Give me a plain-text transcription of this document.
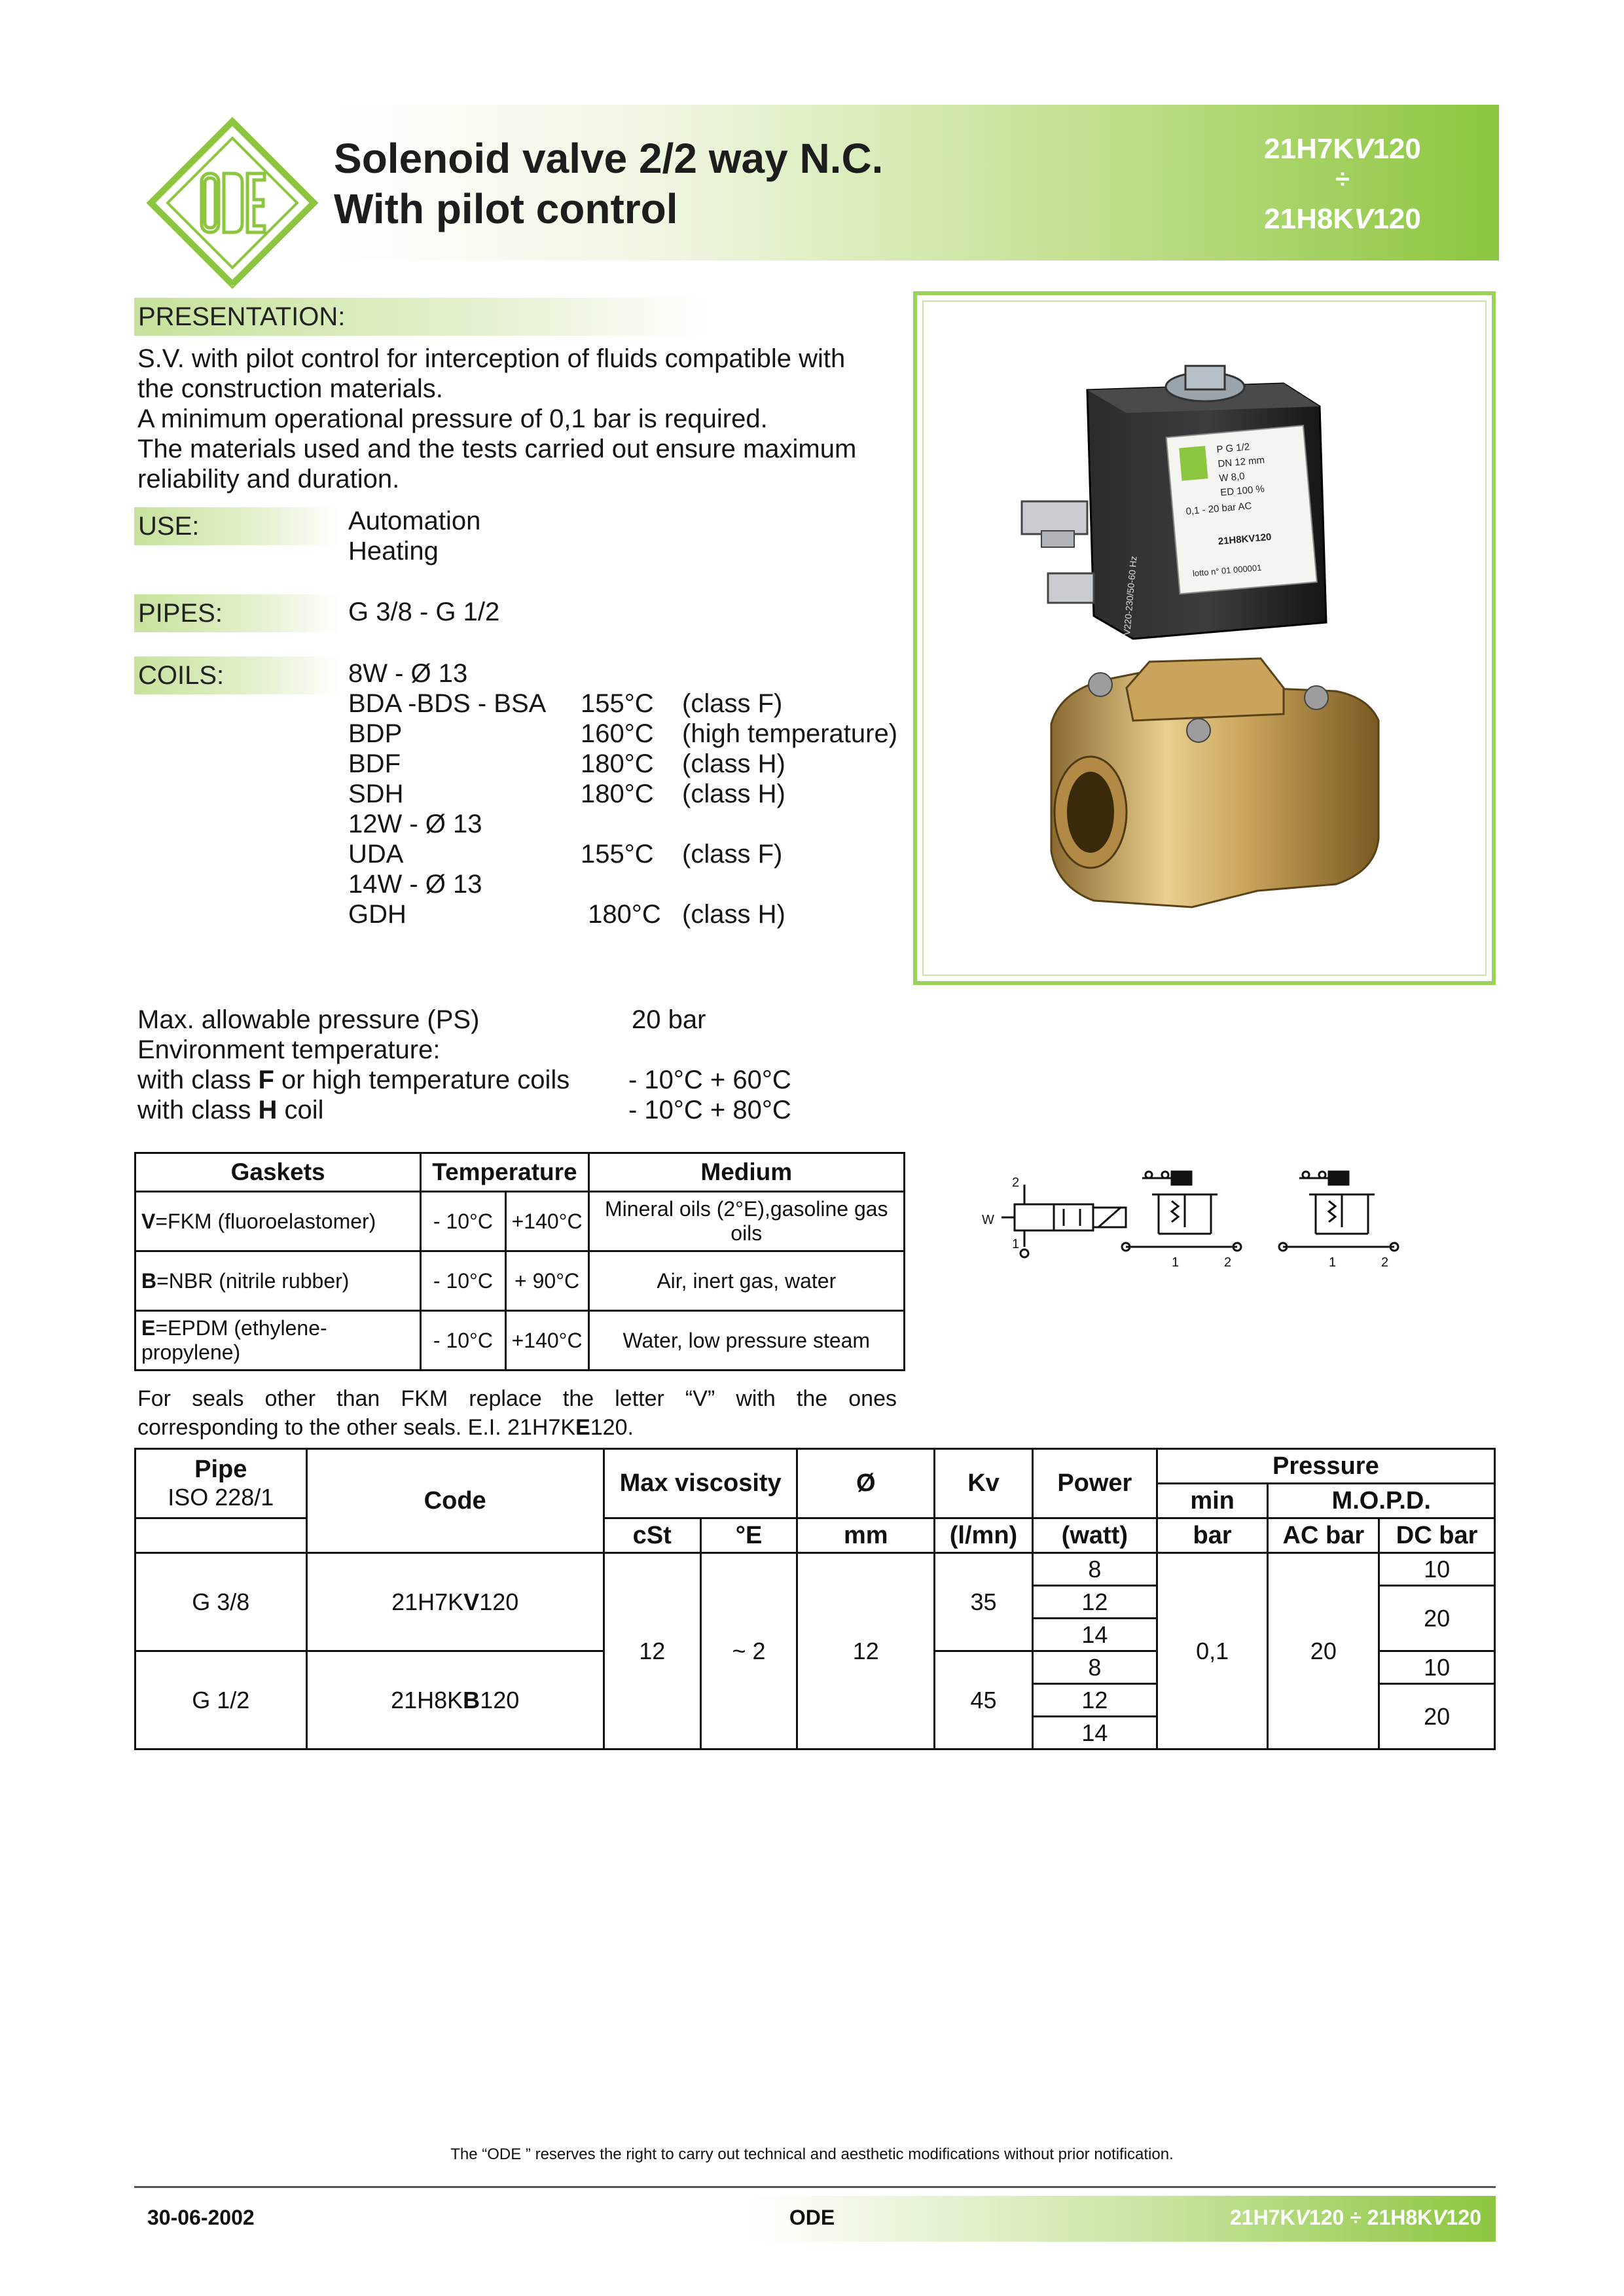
ODE
Solenoid valve 2/2 way N.C.
With pilot control
21H7KV120
÷
21H8KV120
PRESENTATION:
S.V. with pilot control for interception of fluids compatible with
the construction materials.
A minimum operational pressure of 0,1 bar is required.
The materials used and the tests carried out ensure maximum
reliability and duration.
USE:	Automation
Heating
PIPES:	G 3/8 - G 1/2
COILS:	8W - Ø 13
BDA -BDS - BSA	155°C	(class F)
BDP	160°C	(high temperature)
BDF	180°C	(class H)
SDH	180°C	(class H)
12W - Ø 13
UDA	155°C	(class F)
14W - Ø 13
GDH	180°C (class H)
P G 1/2
DN 12 mm
W 8,0
ED 100 %
0,1 - 20 bar AC
21H8KV120
lotto n° 01 000001
V220-230/50-60 Hz
Max. allowable pressure (PS)	20 bar
Environment temperature:
with class F or high temperature coils	- 10°C + 60°C
with class H coil	- 10°C + 80°C
Gaskets	Temperature		Medium
V=FKM (fluoroelastomer)	- 10°C	+140°C	Mineral oils (2°E),gasoline gas oils
B=NBR (nitrile rubber)	- 10°C	+ 90°C	Air, inert gas, water
E=EPDM (ethylene-propylene)	- 10°C	+140°C	Water, low pressure steam
For seals other than FKM replace the letter “V” with the ones
corresponding to the other seals. E.I. 21H7KE120.
W
2
1
1	2	1	2
Pipe
ISO 228/1	Code	Max viscosity		Ø	Kv	Power	Pressure		
							min	M.O.P.D.	
		cSt	°E	mm	(l/mn)	(watt)	bar	AC bar	DC bar
G 3/8	21H7KV120	12	~ 2	12	35	8	0,1	20	10
						12			20
						14			
G 1/2	21H8KB120				45	8			10
						12			20
						14			
The “ODE ” reserves the right to carry out technical and aesthetic modifications without prior notification.
30-06-2002	ODE	21H7KV120 ÷ 21H8KV120
